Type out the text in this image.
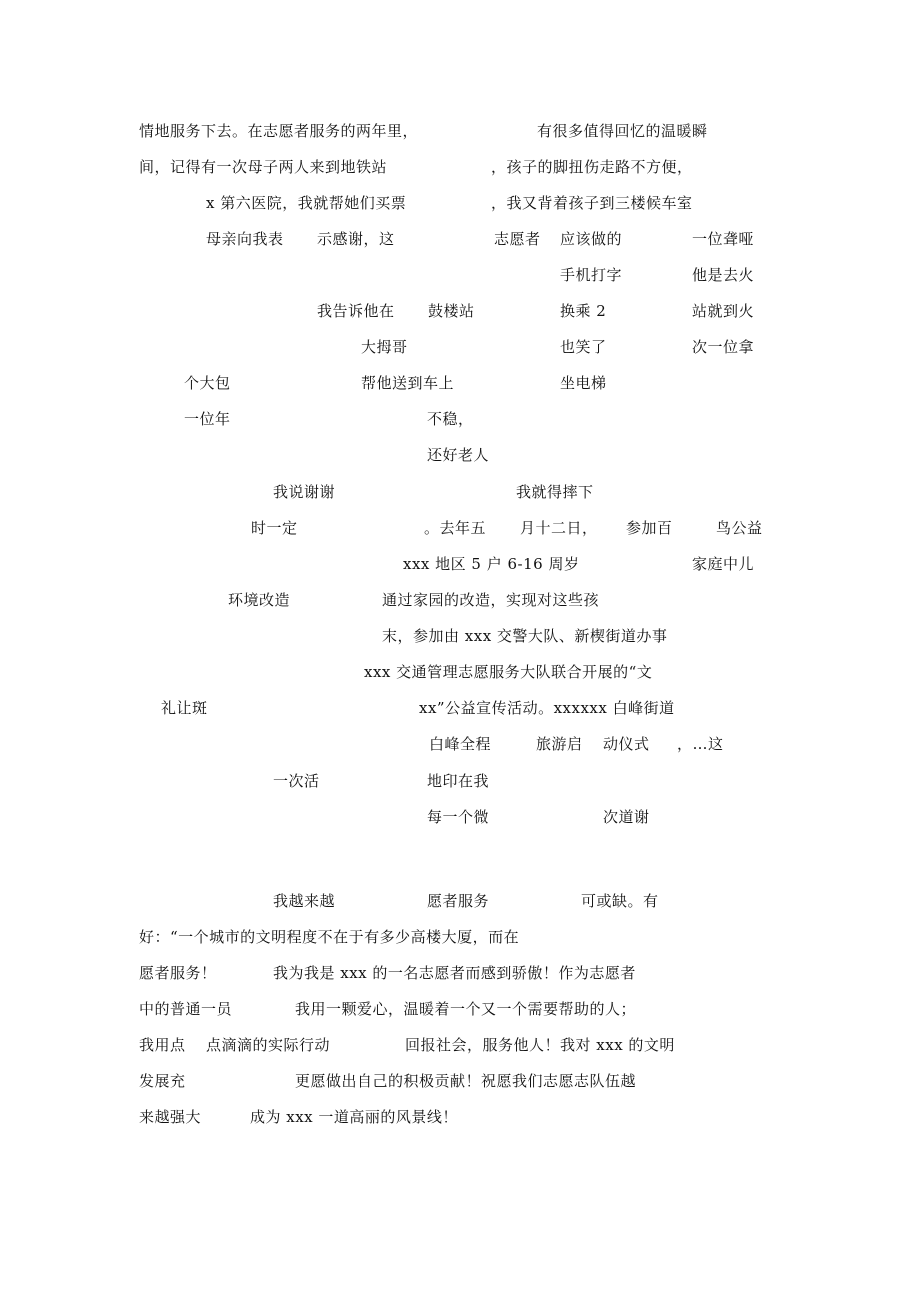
情地服务下去。在志愿者服务的两年里，	有很多值得回忆的温暖瞬
间，记得有一次母子两人来到地铁站	，孩子的脚扭伤走路不方便，
x 第六医院，我就帮她们买票	，我又背着孩子到三楼候车室
母亲向我表 示感谢，这	志愿者 应该做的	一位聋哑
手机打字	他是去火
我告诉他在 鼓楼站	换乘 2	站就到火
大拇哥	也笑了	次一位拿
个大包	帮他送到车上	坐电梯
一位年	不稳，
还好老人
我说谢谢	我就得摔下
时一定	。去年五 月十二日， 参加百	鸟公益
xxx 地区 5 户 6-16 周岁	家庭中儿
环境改造	通过家园的改造，实现对这些孩
末，参加由 xxx 交警大队、新楔街道办事
xxx 交通管理志愿服务大队联合开展的“文
礼让斑	xx”公益宣传活动。xxxxxx 白峰街道
白峰全程	旅游启 动仪式 ，…这
一次活	地印在我
每一个微	次道谢
我越来越	愿者服务	可或缺。有
好：“一个城市的文明程度不在于有多少高楼大厦，而在
愿者服务！	我为我是 xxx 的一名志愿者而感到骄傲！作为志愿者
中的普通一员	我用一颗爱心，温暖着一个又一个需要帮助的人；
我用点 点滴滴的实际行动	回报社会，服务他人！我对 xxx 的文明
发展充	更愿做出自己的积极贡献！祝愿我们志愿志队伍越
来越强大	成为 xxx 一道高丽的风景线！
